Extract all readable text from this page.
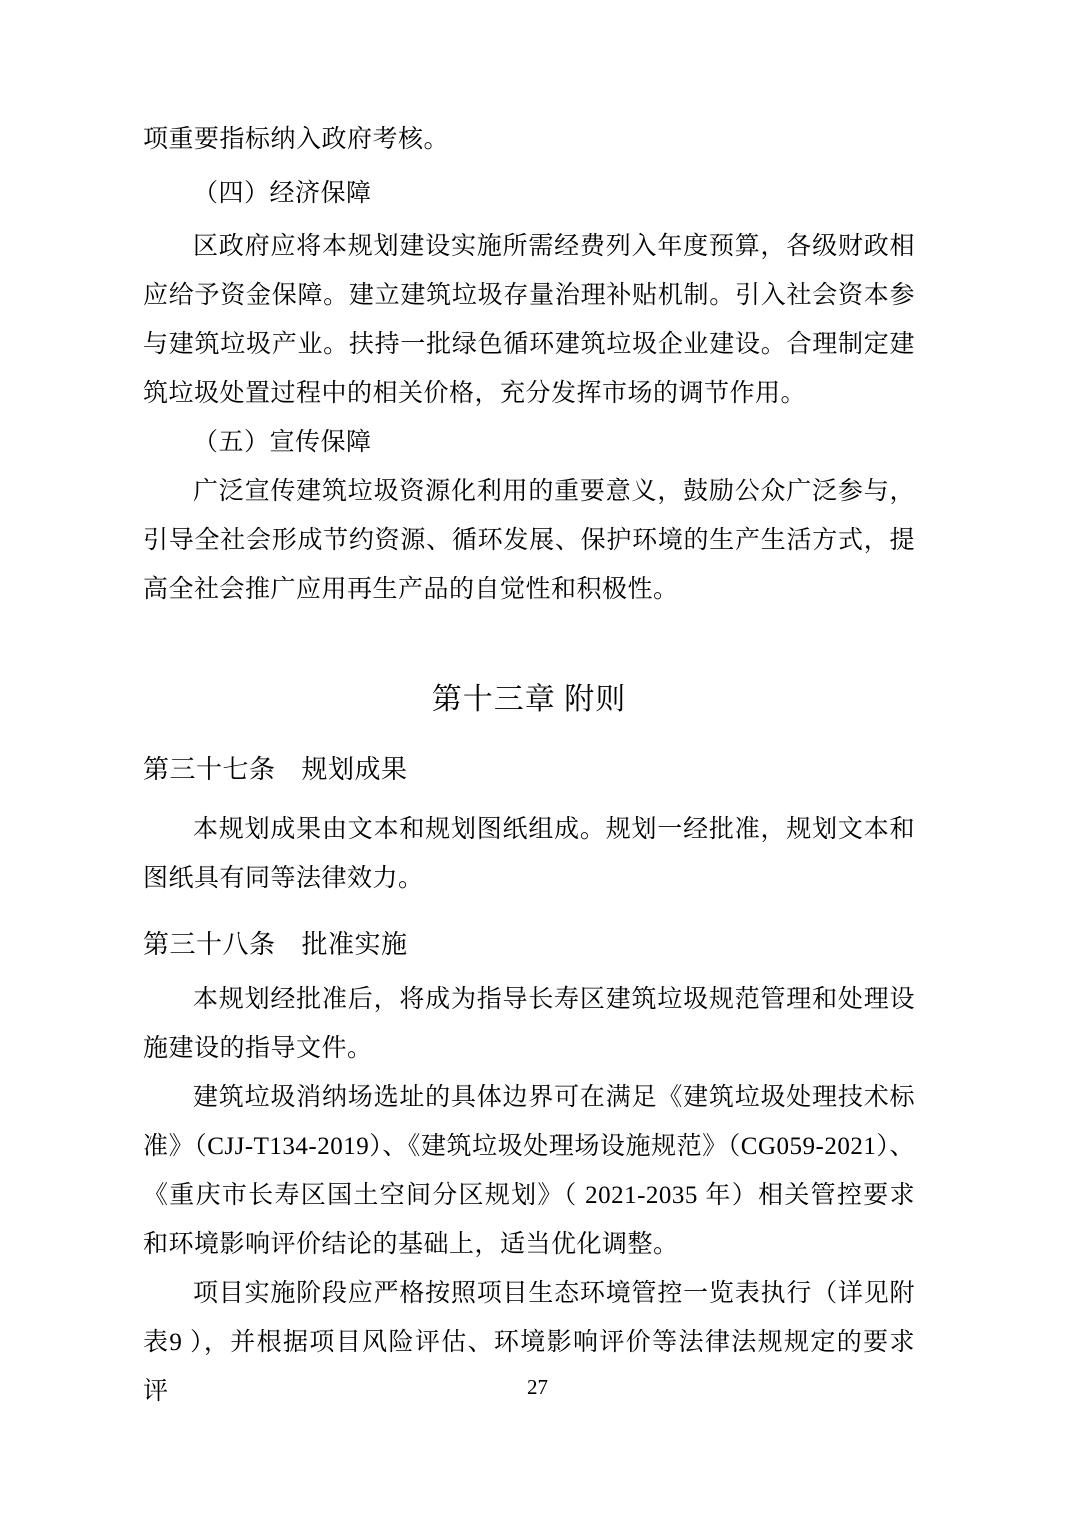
项重要指标纳入政府考核。

（四）经济保障

区政府应将本规划建设实施所需经费列入年度预算，各级财政相应给予资金保障。建立建筑垃圾存量治理补贴机制。引入社会资本参与建筑垃圾产业。扶持一批绿色循环建筑垃圾企业建设。合理制定建筑垃圾处置过程中的相关价格，充分发挥市场的调节作用。

（五）宣传保障

广泛宣传建筑垃圾资源化利用的重要意义，鼓励公众广泛参与，引导全社会形成节约资源、循环发展、保护环境的生产生活方式，提高全社会推广应用再生产品的自觉性和积极性。

第十三章 附则
第三十七条 规划成果

本规划成果由文本和规划图纸组成。规划一经批准，规划文本和图纸具有同等法律效力。

第三十八条 批准实施

本规划经批准后，将成为指导长寿区建筑垃圾规范管理和处理设施建设的指导文件。

建筑垃圾消纳场选址的具体边界可在满足《建筑垃圾处理技术标准》（CJJ-T134-2019）、《建筑垃圾处理场设施规范》（CG059-2021）、《重庆市长寿区国土空间分区规划》（ 2021-2035 年）相关管控要求和环境影响评价结论的基础上，适当优化调整。

项目实施阶段应严格按照项目生态环境管控一览表执行（详见附表9 ），并根据项目风险评估、环境影响评价等法律法规规定的要求评	27
